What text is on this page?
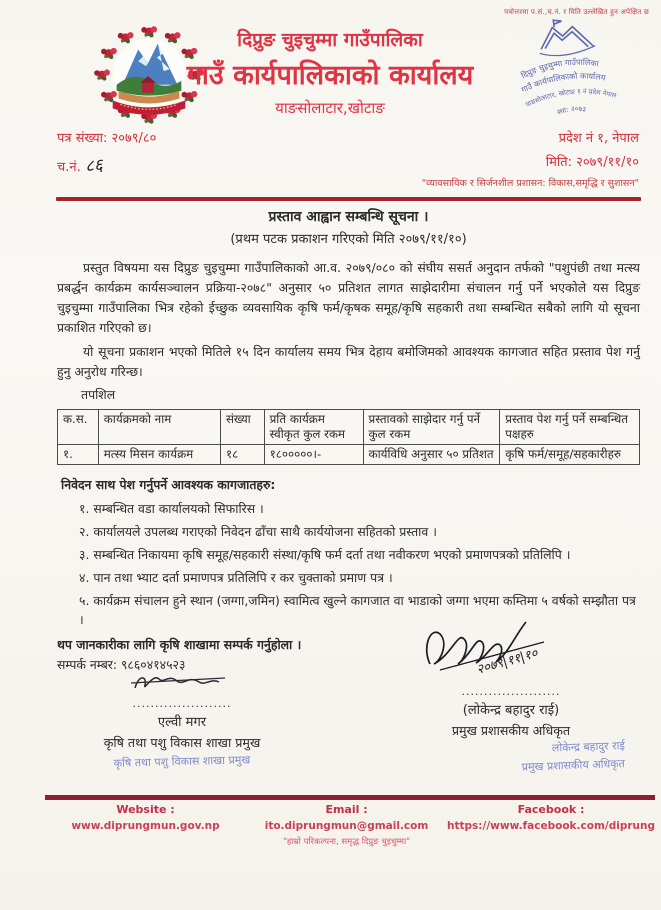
पत्रोत्तरमा प.सं.,च.नं. र मिति उल्लेखित हुन अपेक्षित छ
दिप्रुङ चुइचुम्मा गाउँपालिका
गाउँ कार्यपालिकाको कार्यालय
याङसोलाटार,खोटाङ
दिप्रुङ चुइचुम्मा गाउँपालिका
गाउँ कार्यपालिकाको कार्यालय
याङसोलाटार, खोटाङ १ नं प्रदेश नेपाल
स्था: २०७३
पत्र संख्या: २०७९/८०
च.नं. ८६
प्रदेश नं १, नेपाल
मिति: २०७९/११/१०
"व्यावसायिक र सिर्जनशील प्रशासन: विकास,समृद्धि र सुशासन"
प्रस्ताव आह्वान सम्बन्धि सूचना ।
(प्रथम पटक प्रकाशन गरिएको मिति २०७९/११/१०)

प्रस्तुत विषयमा यस दिप्रुङ चुइचुम्मा गाउँपालिकाको आ.व. २०७९/०८० को संघीय ससर्त अनुदान तर्फको "पशुपंछी तथा मत्स्य प्रबर्द्धन कार्यक्रम कार्यसञ्चालन प्रक्रिया-२०७८" अनुसार ५० प्रतिशत लागत साझेदारीमा संचालन गर्नु पर्ने भएकोले यस दिप्रुङ चुइचुम्मा गाउँपालिका भित्र रहेको ईच्छुक व्यवसायिक कृषि फर्म/कृषक समूह/कृषि सहकारी तथा सम्बन्धित सबैको लागि यो सूचना प्रकाशित गरिएको छ।

यो सूचना प्रकाशन भएको मितिले १५ दिन कार्यालय समय भित्र देहाय बमोजिमको आवश्यक कागजात सहित प्रस्ताव पेश गर्नु हुनु अनुरोध गरिन्छ।

तपशिल
क.स.	कार्यक्रमको नाम	संख्या	प्रति कार्यक्रम स्वीकृत कुल रकम	प्रस्तावको साझेदार गर्नु पर्ने कुल रकम	प्रस्ताव पेश गर्नु पर्ने सम्बन्धित पक्षहरु
१.	मत्स्य मिसन कार्यक्रम	१८	१८०००००।-	कार्यविधि अनुसार ५० प्रतिशत	कृषि फर्म/समूह/सहकारीहरु
निवेदन साथ पेश गर्नुपर्ने आवश्यक कागजातहरु:
१. सम्बन्धित वडा कार्यालयको सिफारिस ।
२. कार्यालयले उपलब्ध गराएको निवेदन ढाँचा साथै कार्ययोजना सहितको प्रस्ताव ।
३. सम्बन्धित निकायमा कृषि समूह/सहकारी संस्था/कृषि फर्म दर्ता तथा नवीकरण भएको प्रमाणपत्रको प्रतिलिपि ।
४. पान तथा भ्याट दर्ता प्रमाणपत्र प्रतिलिपि र कर चुक्ताको प्रमाण पत्र ।
५. कार्यक्रम संचालन हुने स्थान (जग्गा,जमिन) स्वामित्व खुल्ने कागजात वा भाडाको जग्गा भएमा कम्तिमा ५ वर्षको सम्झौता पत्र ।
थप जानकारीका लागि कृषि शाखामा सम्पर्क गर्नुहोला ।
सम्पर्क नम्बर: ९८६०४१४५२३
......................
एल्वी मगर
कृषि तथा पशु विकास शाखा प्रमुख
कृषि तथा पशु विकास शाखा प्रमुख
२०७९|११|१०
......................
(लोकेन्द्र बहादुर राई)
प्रमुख प्रशासकीय अधिकृत
लोकेन्द्र बहादुर राई
प्रमुख प्रशासकीय अधिकृत
Website :
www.diprungmun.gov.np
Email :
ito.diprungmun@gmail.com
"हाम्रो परिकल्पना, समृद्ध दिप्रुङ चुइचुम्मा"
Facebook :
https://www.facebook.com/diprung
